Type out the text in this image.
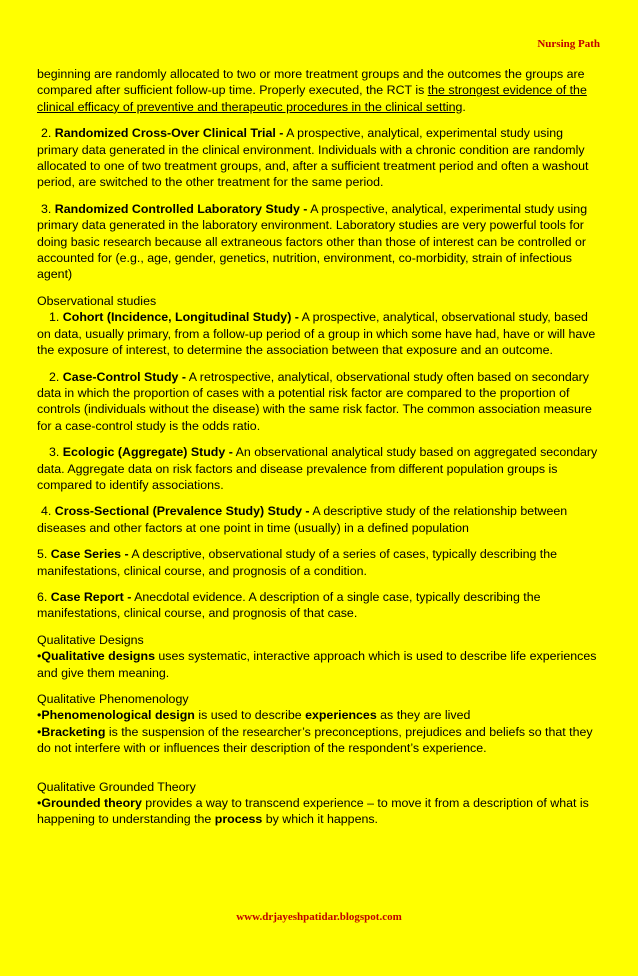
Nursing Path

beginning are randomly allocated to two or more treatment groups and the outcomes the groups are compared after sufficient follow-up time. Properly executed, the RCT is the strongest evidence of the clinical efficacy of preventive and therapeutic procedures in the clinical setting.

2. Randomized Cross-Over Clinical Trial - A prospective, analytical, experimental study using primary data generated in the clinical environment. Individuals with a chronic condition are randomly allocated to one of two treatment groups, and, after a sufficient treatment period and often a washout period, are switched to the other treatment for the same period.

3. Randomized Controlled Laboratory Study - A prospective, analytical, experimental study using primary data generated in the laboratory environment. Laboratory studies are very powerful tools for doing basic research because all extraneous factors other than those of interest can be controlled or accounted for (e.g., age, gender, genetics, nutrition, environment, co-morbidity, strain of infectious agent)

Observational studies
1. Cohort (Incidence, Longitudinal Study) - A prospective, analytical, observational study, based on data, usually primary, from a follow-up period of a group in which some have had, have or will have the exposure of interest, to determine the association between that exposure and an outcome.

2. Case-Control Study - A retrospective, analytical, observational study often based on secondary data in which the proportion of cases with a potential risk factor are compared to the proportion of controls (individuals without the disease) with the same risk factor. The common association measure for a case-control study is the odds ratio.

3. Ecologic (Aggregate) Study - An observational analytical study based on aggregated secondary data. Aggregate data on risk factors and disease prevalence from different population groups is compared to identify associations.

4. Cross-Sectional (Prevalence Study) Study - A descriptive study of the relationship between diseases and other factors at one point in time (usually) in a defined population

5. Case Series - A descriptive, observational study of a series of cases, typically describing the manifestations, clinical course, and prognosis of a condition.

6. Case Report - Anecdotal evidence. A description of a single case, typically describing the manifestations, clinical course, and prognosis of that case.

Qualitative Designs
•Qualitative designs uses systematic, interactive approach which is used to describe life experiences and give them meaning.

Qualitative Phenomenology
•Phenomenological design is used to describe experiences as they are lived
•Bracketing is the suspension of the researcher’s preconceptions, prejudices and beliefs so that they do not interfere with or influences their description of the respondent’s experience.

Qualitative Grounded Theory
•Grounded theory provides a way to transcend experience – to move it from a description of what is happening to understanding the process by which it happens.

www.drjayeshpatidar.blogspot.com
